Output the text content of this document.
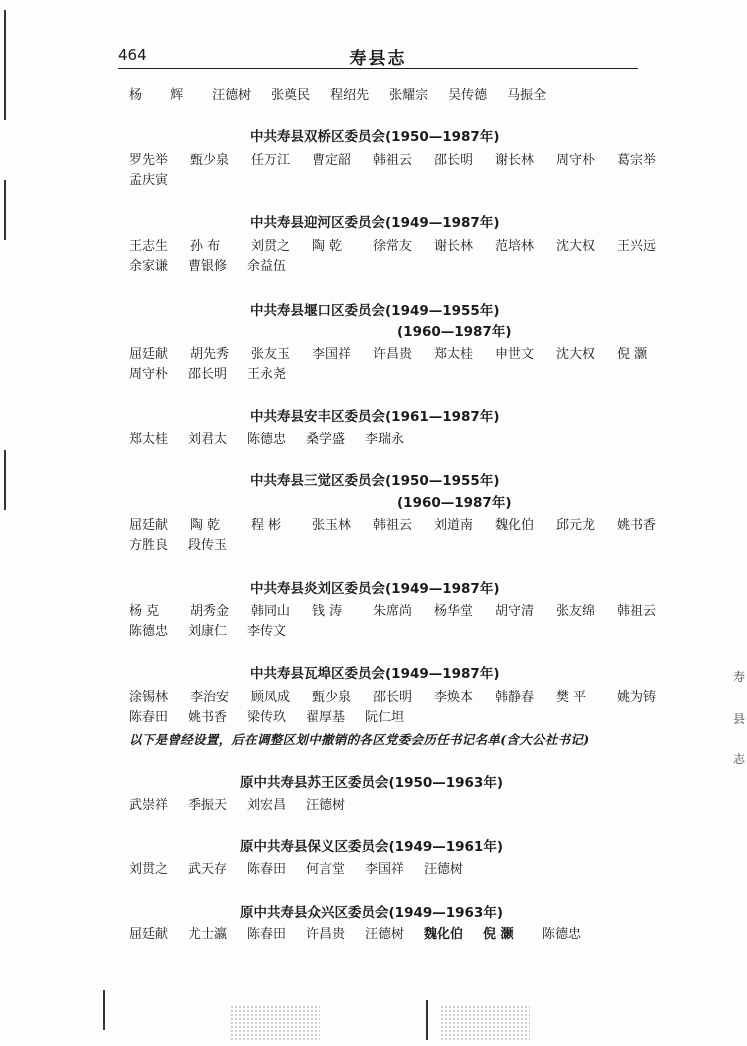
464	寿县志
杨 辉 汪德树 张奠民 程绍先 张耀宗 吴传德 马振全
中共寿县双桥区委员会(1950—1987年)
罗先举 甄少泉 任万江 曹定韶 韩祖云 邵长明 谢长林 周守朴 葛宗举
孟庆寅
中共寿县迎河区委员会(1949—1987年)
王志生 孙 布	刘贯之 陶 乾	徐常友 谢长林 范培林 沈大权 王兴远
余家谦 曹银修 余益伍
中共寿县堰口区委员会(1949—1955年)
(1960—1987年)
屈廷献 胡先秀 张友玉 李国祥 许昌贵 郑太桂 申世文 沈大权 倪 灏
周守朴 邵长明 王永尧
中共寿县安丰区委员会(1961—1987年)
郑太桂 刘君太 陈德忠 桑学盛 李瑞永
中共寿县三觉区委员会(1950—1955年)
(1960—1987年)
屈廷献 陶 乾	程 彬	张玉林 韩祖云 刘道南 魏化伯 邱元龙 姚书香
方胜良 段传玉
中共寿县炎刘区委员会(1949—1987年)
杨 克	胡秀金 韩同山 钱 涛	朱席尚 杨华堂 胡守清 张友绵 韩祖云
陈德忠 刘康仁 李传文
中共寿县瓦埠区委员会(1949—1987年)
涂锡林 李治安 顾凤成 甄少泉 邵长明 李焕本 韩静春 樊 平	姚为铸
陈春田 姚书香 梁传玖 翟厚基 阮仁坦
以下是曾经设置，后在调整区划中撤销的各区党委会历任书记名单(含大公社书记)
原中共寿县苏王区委员会(1950—1963年)
武崇祥 季振天 刘宏昌 汪德树
原中共寿县保义区委员会(1949—1961年)
刘贯之 武天存 陈春田 何言堂 李国祥 汪德树
原中共寿县众兴区委员会(1949—1963年)
屈廷献 尤士瀛 陈春田 许昌贵 汪德树 魏化伯 倪 灏	陈德忠
寿
县
志
